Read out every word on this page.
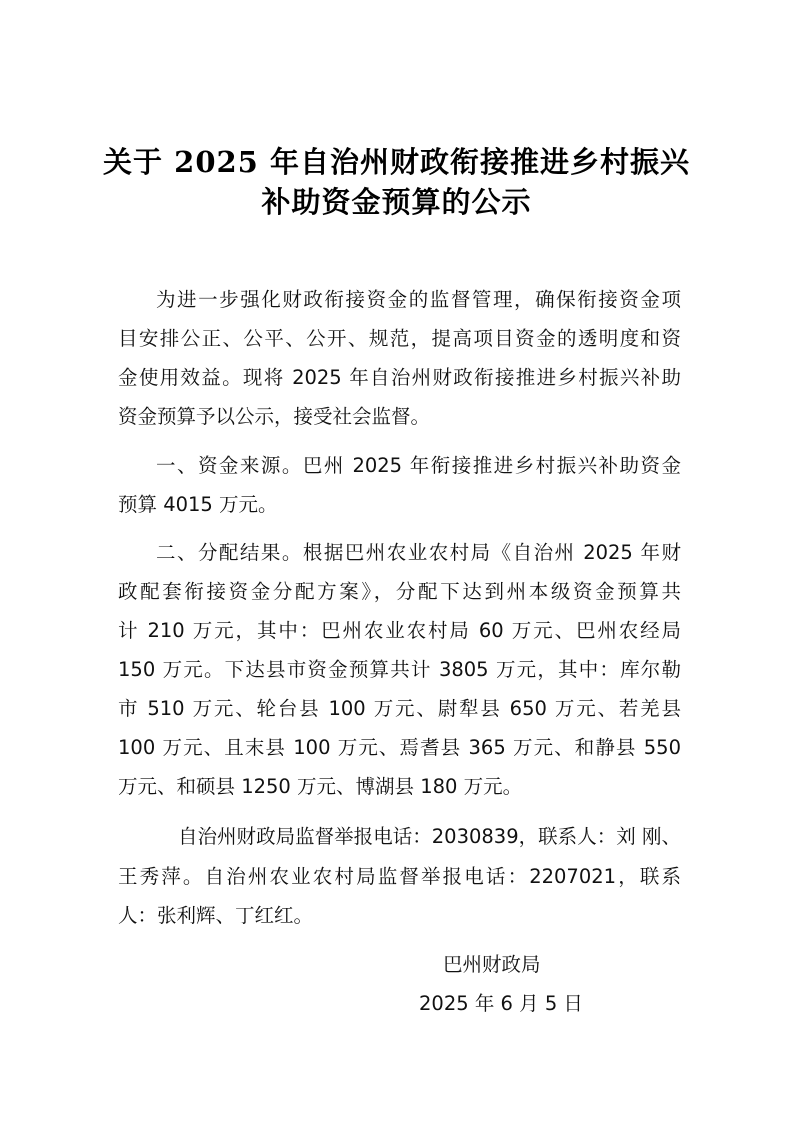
关于 2025 年自治州财政衔接推进乡村振兴
补助资金预算的公示
为进一步强化财政衔接资金的监督管理，确保衔接资金项
目安排公正、公平、公开、规范，提高项目资金的透明度和资
金使用效益。现将 2025 年自治州财政衔接推进乡村振兴补助
资金预算予以公示，接受社会监督。
一、资金来源。巴州 2025 年衔接推进乡村振兴补助资金
预算 4015 万元。
二、分配结果。根据巴州农业农村局《自治州 2025 年财
政配套衔接资金分配方案》，分配下达到州本级资金预算共
计 210 万元，其中：巴州农业农村局 60 万元、巴州农经局
150 万元。下达县市资金预算共计 3805 万元，其中：库尔勒
市 510 万元、轮台县 100 万元、尉犁县 650 万元、若羌县
100 万元、且末县 100 万元、焉耆县 365 万元、和静县 550
万元、和硕县 1250 万元、博湖县 180 万元。
自治州财政局监督举报电话：2030839，联系人：刘 刚、
王秀萍。自治州农业农村局监督举报电话：2207021，联系
人：张利辉、丁红红。
巴州财政局
2025 年 6 月 5 日
